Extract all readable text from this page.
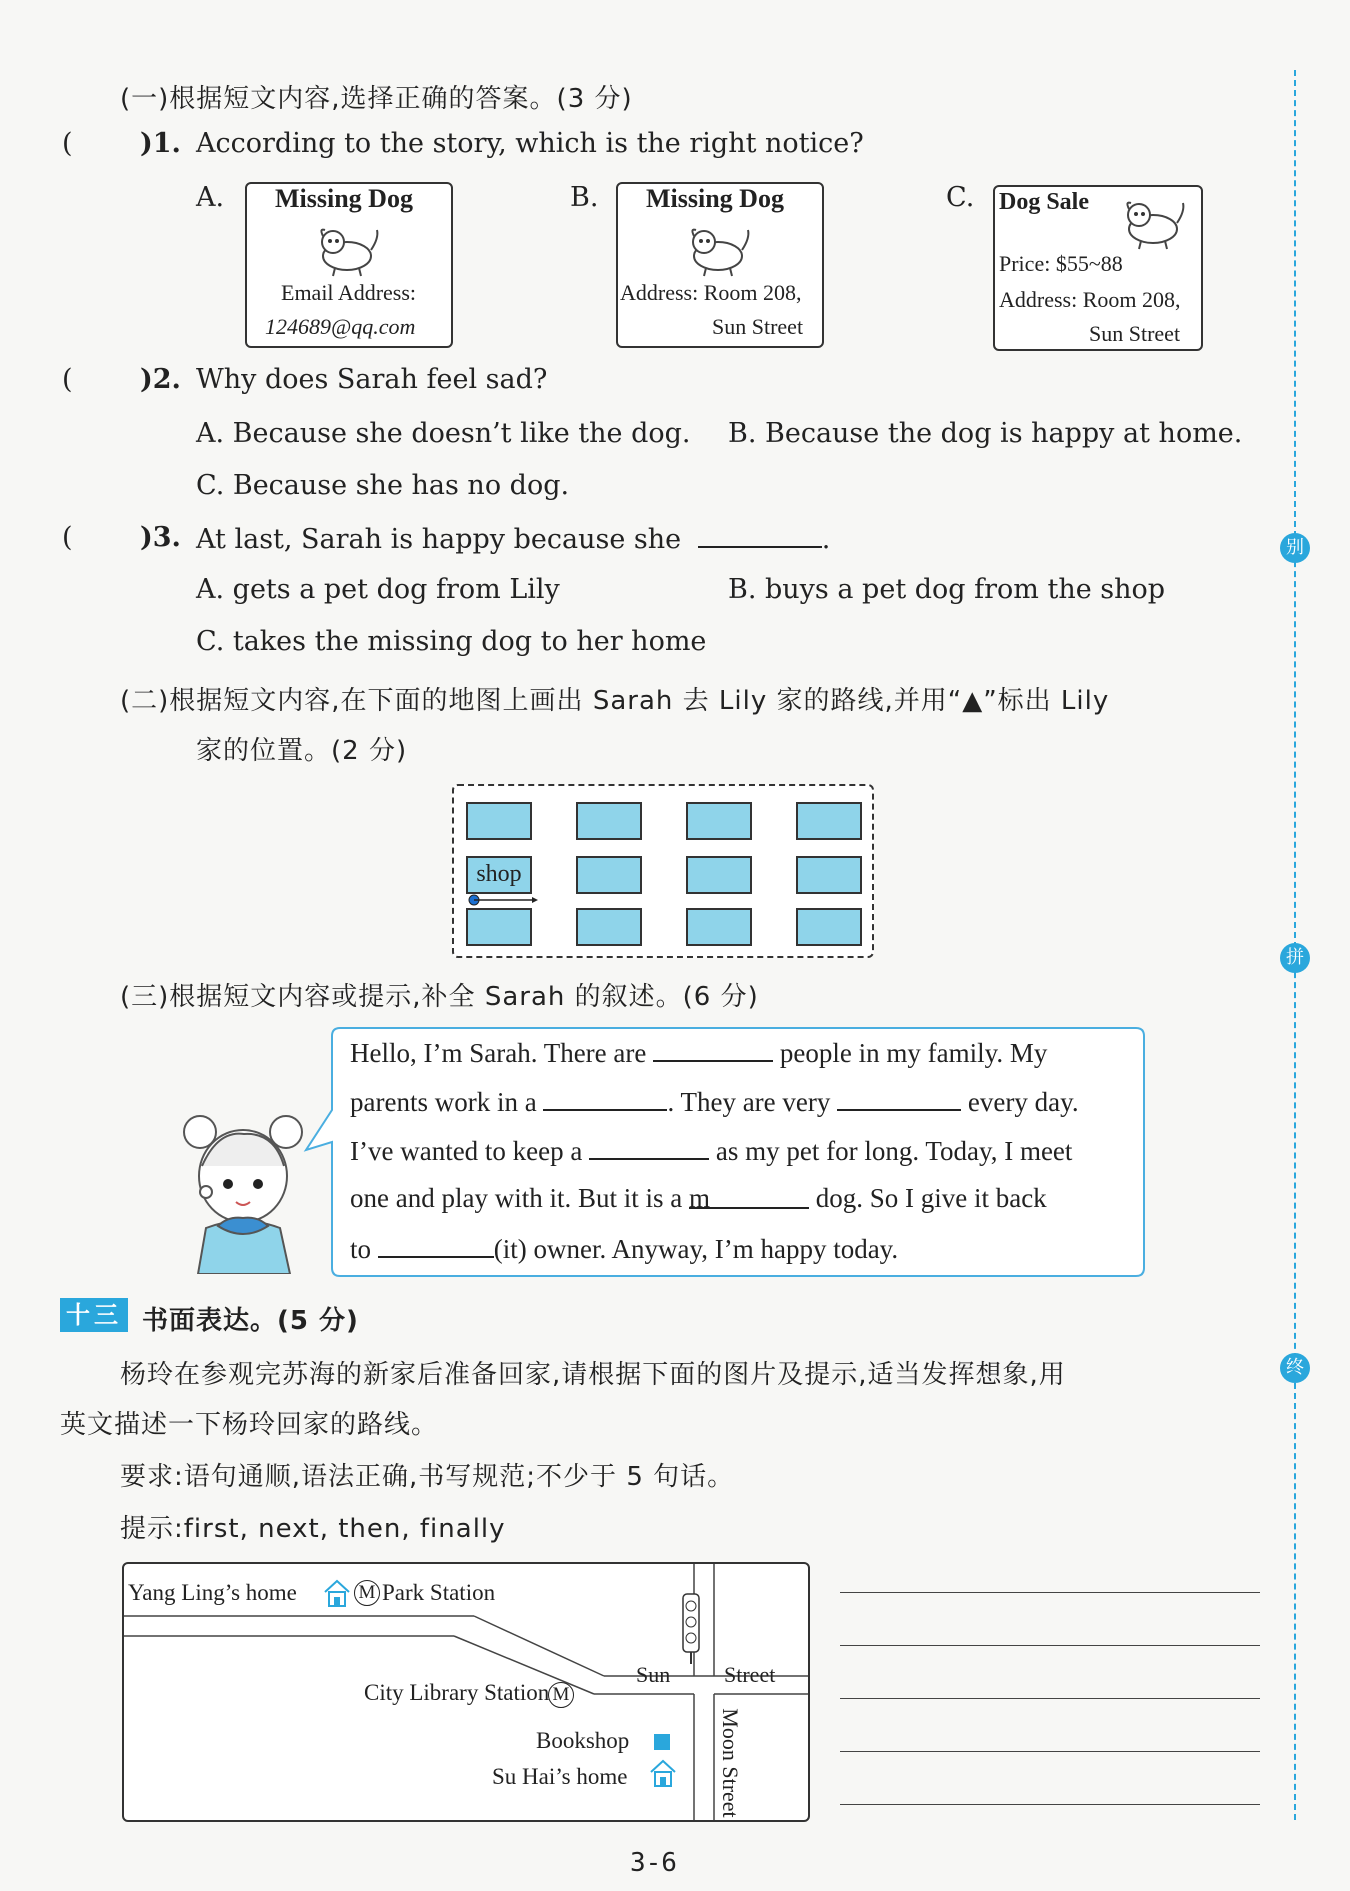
别
拼
终
(一)根据短文内容,选择正确的答案。(3 分)
( )1. According to the story, which is the right notice?
A. Missing Dog
Email Address:
124689@qq.com
B. Missing Dog
Address: Room 208,
Sun Street
C. Dog Sale
Price: $55~88
Address: Room 208,
Sun Street
( )2. Why does Sarah feel sad?
A. Because she doesn’t like the dog. B. Because the dog is happy at home.
C. Because she has no dog.
( )3. At last, Sarah is happy because she	.
A. gets a pet dog from Lily	B. buys a pet dog from the shop
C. takes the missing dog to her home
(二)根据短文内容,在下面的地图上画出 Sarah 去 Lily 家的路线,并用“▲”标出 Lily
家的位置。(2 分)
shop
(三)根据短文内容或提示,补全 Sarah 的叙述。(6 分)
Hello, I’m Sarah. There are	people in my family. My
parents work in a	. They are very	every day.
I’ve wanted to keep a	as my pet for long. Today, I meet
one and play with it. But it is a m	dog. So I give it back
to	(it) owner. Anyway, I’m happy today.
十三 书面表达。(5 分)
杨玲在参观完苏海的新家后准备回家,请根据下面的图片及提示,适当发挥想象,用
英文描述一下杨玲回家的路线。
要求:语句通顺,语法正确,书写规范;不少于 5 句话。
提示:first, next, then, finally
Yang Ling’s home	M Park Station
City Library Station M
Sun Street
Moon Street
Bookshop
Su Hai’s home
3-6
